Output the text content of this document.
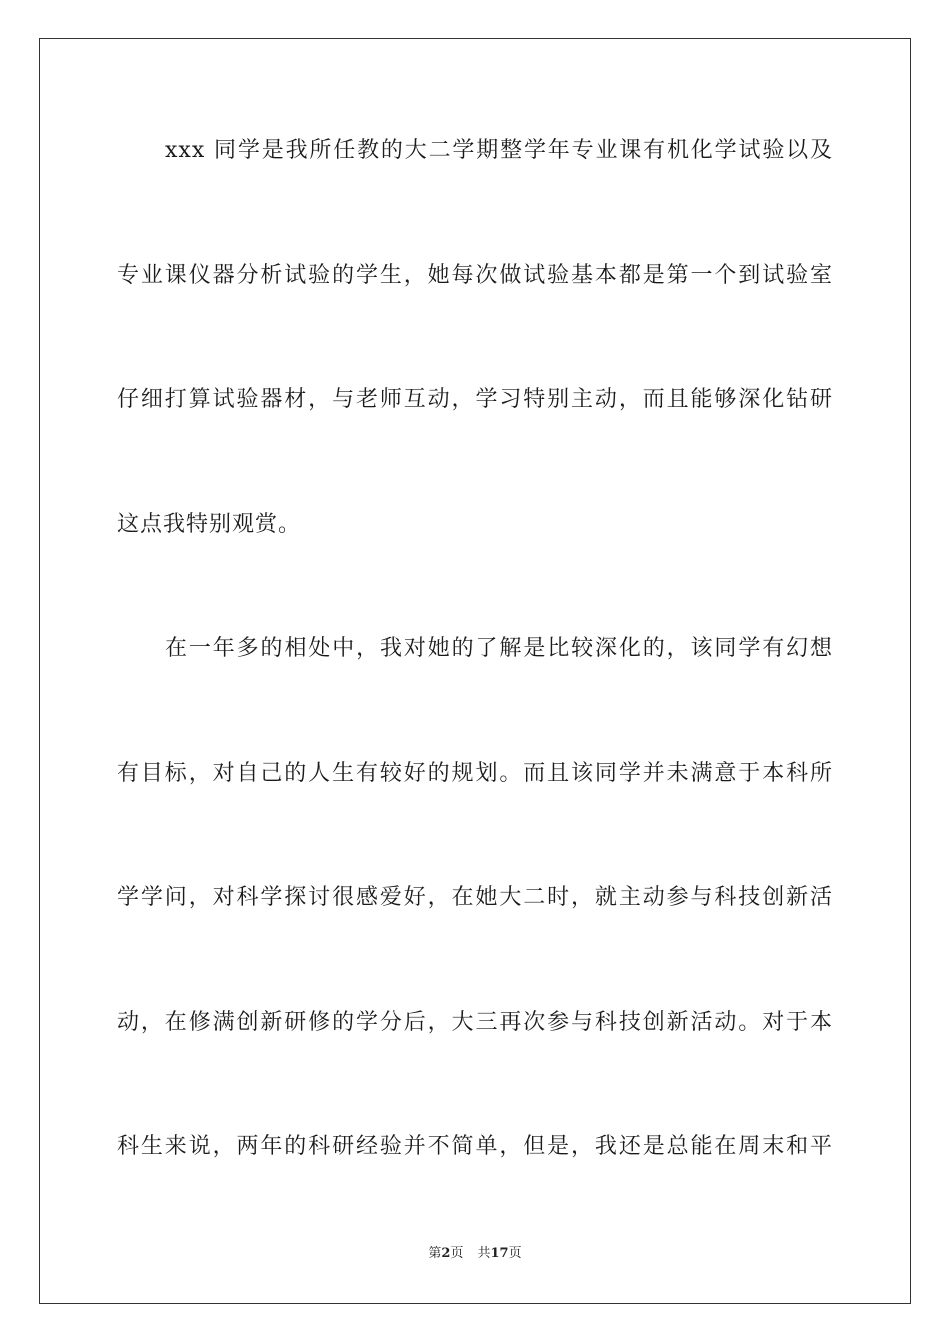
xxx 同学是我所任教的大二学期整学年专业课有机化学试验以及
专业课仪器分析试验的学生，她每次做试验基本都是第一个到试验室
仔细打算试验器材，与老师互动，学习特别主动，而且能够深化钻研
这点我特别观赏。
在一年多的相处中，我对她的了解是比较深化的，该同学有幻想
有目标，对自己的人生有较好的规划。而且该同学并未满意于本科所
学学问，对科学探讨很感爱好，在她大二时，就主动参与科技创新活
动，在修满创新研修的学分后，大三再次参与科技创新活动。对于本
科生来说，两年的科研经验并不简单，但是，我还是总能在周末和平
第2页 共17页
